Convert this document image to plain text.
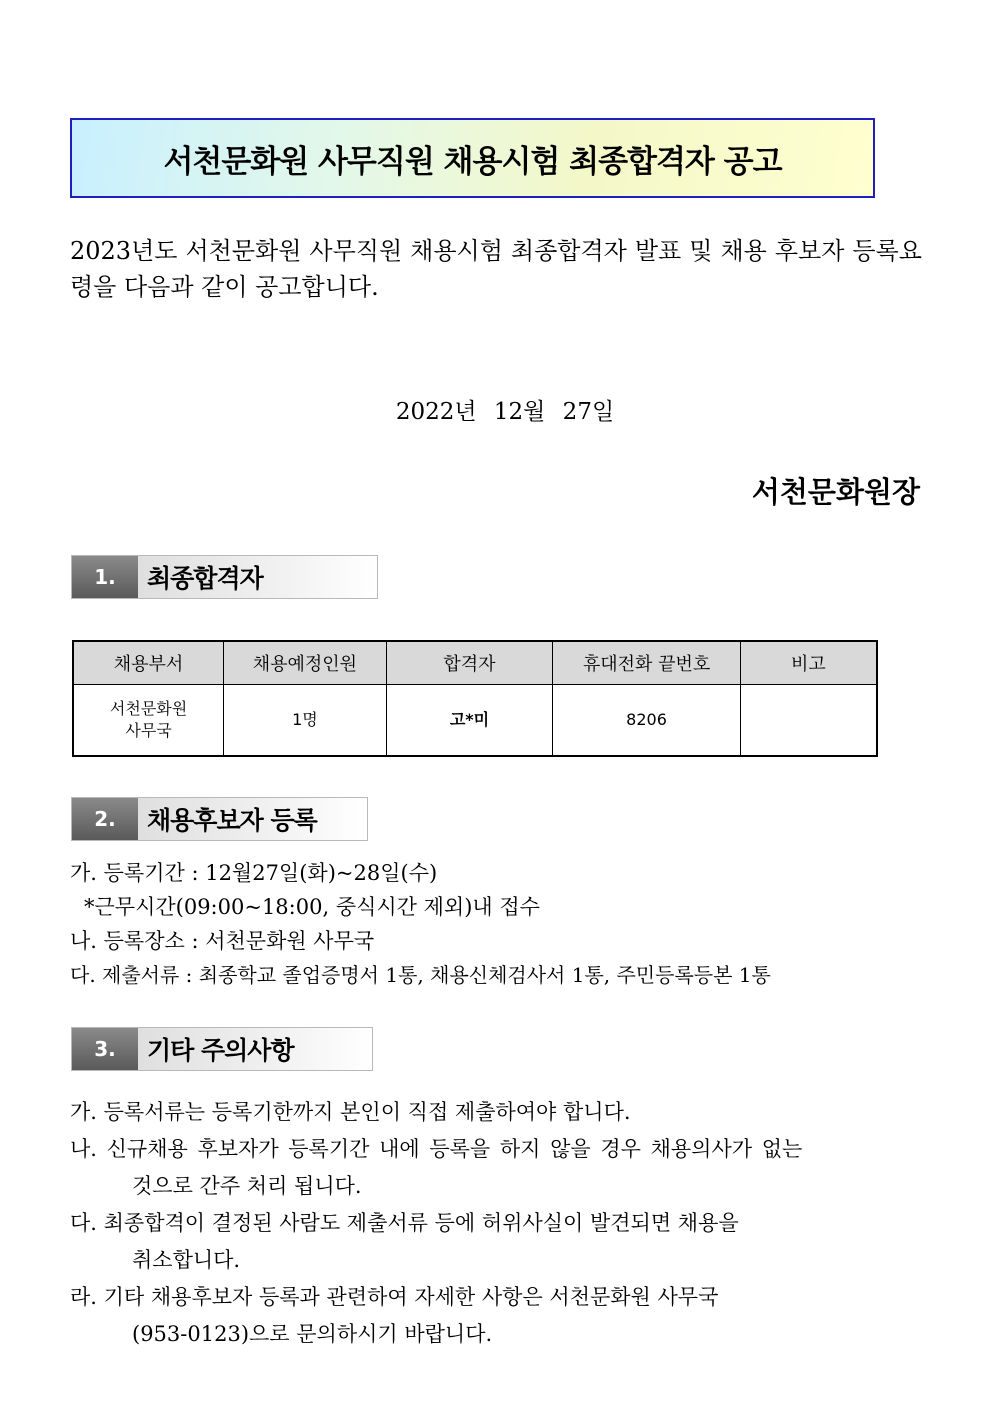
서천문화원 사무직원 채용시험 최종합격자 공고
2023년도 서천문화원 사무직원 채용시험 최종합격자 발표 및 채용 후보자 등록요령을 다음과 같이 공고합니다.
2022년 12월 27일
서천문화원장
1.	최종합격자
채용부서	채용예정인원	합격자	휴대전화 끝번호	비고

서천문화원
사무국	1명	고*미	8206	
2.	채용후보자 등록
가. 등록기간 : 12월27일(화)~28일(수)
*근무시간(09:00~18:00, 중식시간 제외)내 접수
나. 등록장소 : 서천문화원 사무국
다. 제출서류 : 최종학교 졸업증명서 1통, 채용신체검사서 1통, 주민등록등본 1통
3.	기타 주의사항
가. 등록서류는 등록기한까지 본인이 직접 제출하여야 합니다.
나. 신규채용 후보자가 등록기간 내에 등록을 하지 않을 경우 채용의사가 없는
것으로 간주 처리 됩니다.
다. 최종합격이 결정된 사람도 제출서류 등에 허위사실이 발견되면 채용을
취소합니다.
라. 기타 채용후보자 등록과 관련하여 자세한 사항은 서천문화원 사무국
(953-0123)으로 문의하시기 바랍니다.
